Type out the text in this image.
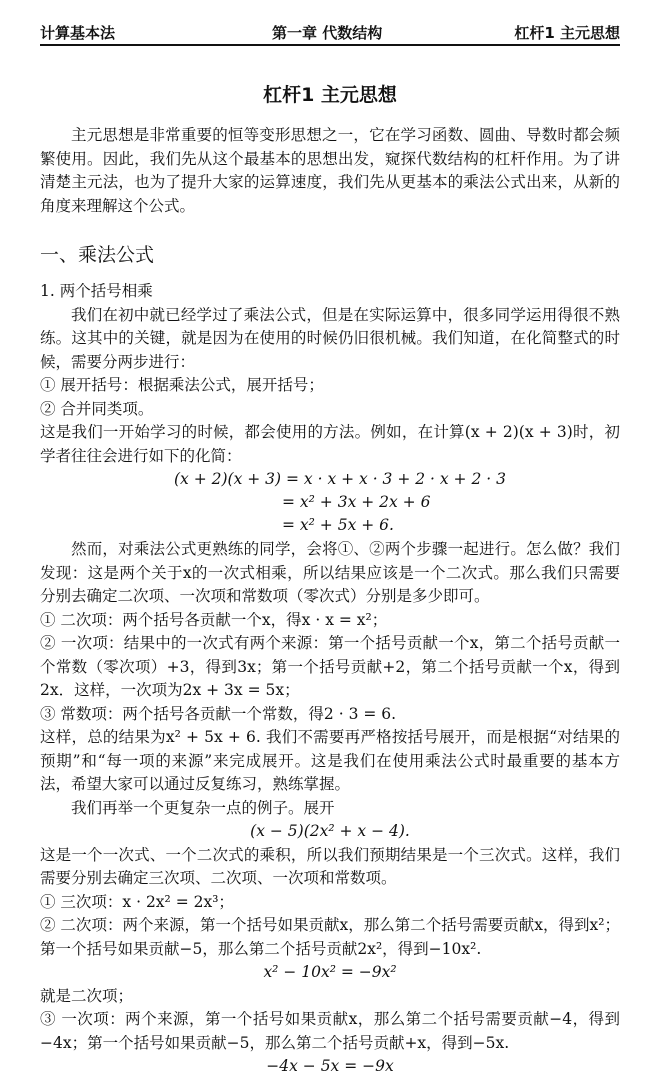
计算基本法	第一章 代数结构	杠杆1 主元思想
杠杆1 主元思想

主元思想是非常重要的恒等变形思想之一，它在学习函数、圆曲、导数时都会频繁使用。因此，我们先从这个最基本的思想出发，窥探代数结构的杠杆作用。为了讲清楚主元法，也为了提升大家的运算速度，我们先从更基本的乘法公式出来，从新的角度来理解这个公式。

一、乘法公式

1. 两个括号相乘

我们在初中就已经学过了乘法公式，但是在实际运算中，很多同学运用得很不熟练。这其中的关键，就是因为在使用的时候仍旧很机械。我们知道，在化简整式的时候，需要分两步进行：

① 展开括号：根据乘法公式，展开括号；

② 合并同类项。

这是我们一开始学习的时候，都会使用的方法。例如，在计算(x + 2)(x + 3)时，初学者往往会进行如下的化简：

(x + 2)(x + 3) = x · x + x · 3 + 2 · x + 2 · 3
= x² + 3x + 2x + 6
= x² + 5x + 6.

然而，对乘法公式更熟练的同学，会将①、②两个步骤一起进行。怎么做？我们发现：这是两个关于x的一次式相乘，所以结果应该是一个二次式。那么我们只需要分别去确定二次项、一次项和常数项（零次式）分别是多少即可。

① 二次项：两个括号各贡献一个x，得x · x = x²；

② 一次项：结果中的一次式有两个来源：第一个括号贡献一个x，第二个括号贡献一个常数（零次项）+3，得到3x；第一个括号贡献+2，第二个括号贡献一个x，得到2x．这样，一次项为2x + 3x = 5x；

③ 常数项：两个括号各贡献一个常数，得2 · 3 = 6.

这样，总的结果为x² + 5x + 6. 我们不需要再严格按括号展开，而是根据“对结果的预期”和“每一项的来源”来完成展开。这是我们在使用乘法公式时最重要的基本方法，希望大家可以通过反复练习，熟练掌握。

我们再举一个更复杂一点的例子。展开

(x − 5)(2x² + x − 4).

这是一个一次式、一个二次式的乘积，所以我们预期结果是一个三次式。这样，我们需要分别去确定三次项、二次项、一次项和常数项。

① 三次项：x · 2x² = 2x³；

② 二次项：两个来源，第一个括号如果贡献x，那么第二个括号需要贡献x，得到x²；第一个括号如果贡献−5，那么第二个括号贡献2x²，得到−10x².

x² − 10x² = −9x²

就是二次项；

③ 一次项：两个来源，第一个括号如果贡献x，那么第二个括号需要贡献−4，得到−4x；第一个括号如果贡献−5，那么第二个括号贡献+x，得到−5x.

−4x − 5x = −9x
